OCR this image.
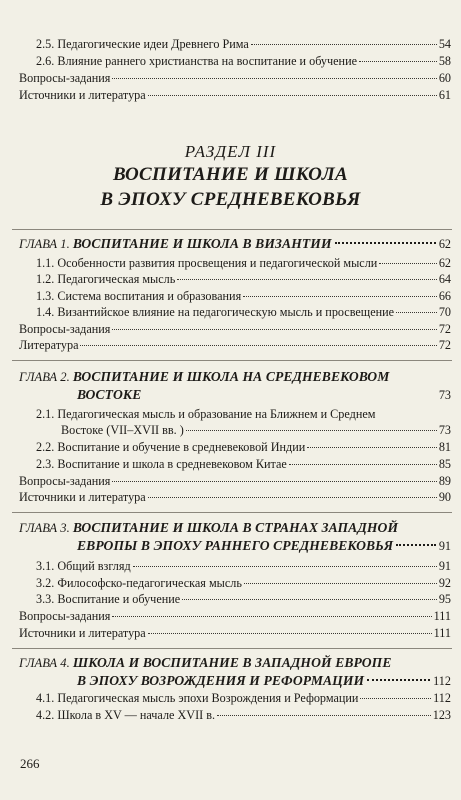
2.5. Педагогические идеи Древнего Рима	54
2.6. Влияние раннего христианства на воспитание и обучение	58
Вопросы-задания	60
Источники и литература	61
РАЗДЕЛ III
ВОСПИТАНИЕ И ШКОЛА
В ЭПОХУ СРЕДНЕВЕКОВЬЯ
ГЛАВА 1.
ВОСПИТАНИЕ И ШКОЛА В ВИЗАНТИИ	62
1.1. Особенности развития просвещения и педагогической мысли	62
1.2. Педагогическая мысль	64
1.3. Система воспитания и образования	66
1.4. Византийское влияние на педагогическую мысль и просвещение	70
Вопросы-задания	72
Литература	72
ГЛАВА 2.
ВОСПИТАНИЕ И ШКОЛА НА СРЕДНЕВЕКОВОМ
ВОСТОКЕ	73
2.1. Педагогическая мысль и образование на Ближнем и Среднем
Востоке (VII–XVII вв. )	73
2.2. Воспитание и обучение в средневековой Индии	81
2.3. Воспитание и школа в средневековом Китае	85
Вопросы-задания	89
Источники и литература	90
ГЛАВА 3.
ВОСПИТАНИЕ И ШКОЛА В СТРАНАХ ЗАПАДНОЙ
ЕВРОПЫ В ЭПОХУ РАННЕГО СРЕДНЕВЕКОВЬЯ	91
3.1. Общий взгляд	91
3.2. Философско-педагогическая мысль	92
3.3. Воспитание и обучение	95
Вопросы-задания	111
Источники и литература	111
ГЛАВА 4.
ШКОЛА И ВОСПИТАНИЕ В ЗАПАДНОЙ ЕВРОПЕ
В ЭПОХУ ВОЗРОЖДЕНИЯ И РЕФОРМАЦИИ	112
4.1. Педагогическая мысль эпохи Возрождения и Реформации	112
4.2. Школа в XV — начале XVII в.	123
266
